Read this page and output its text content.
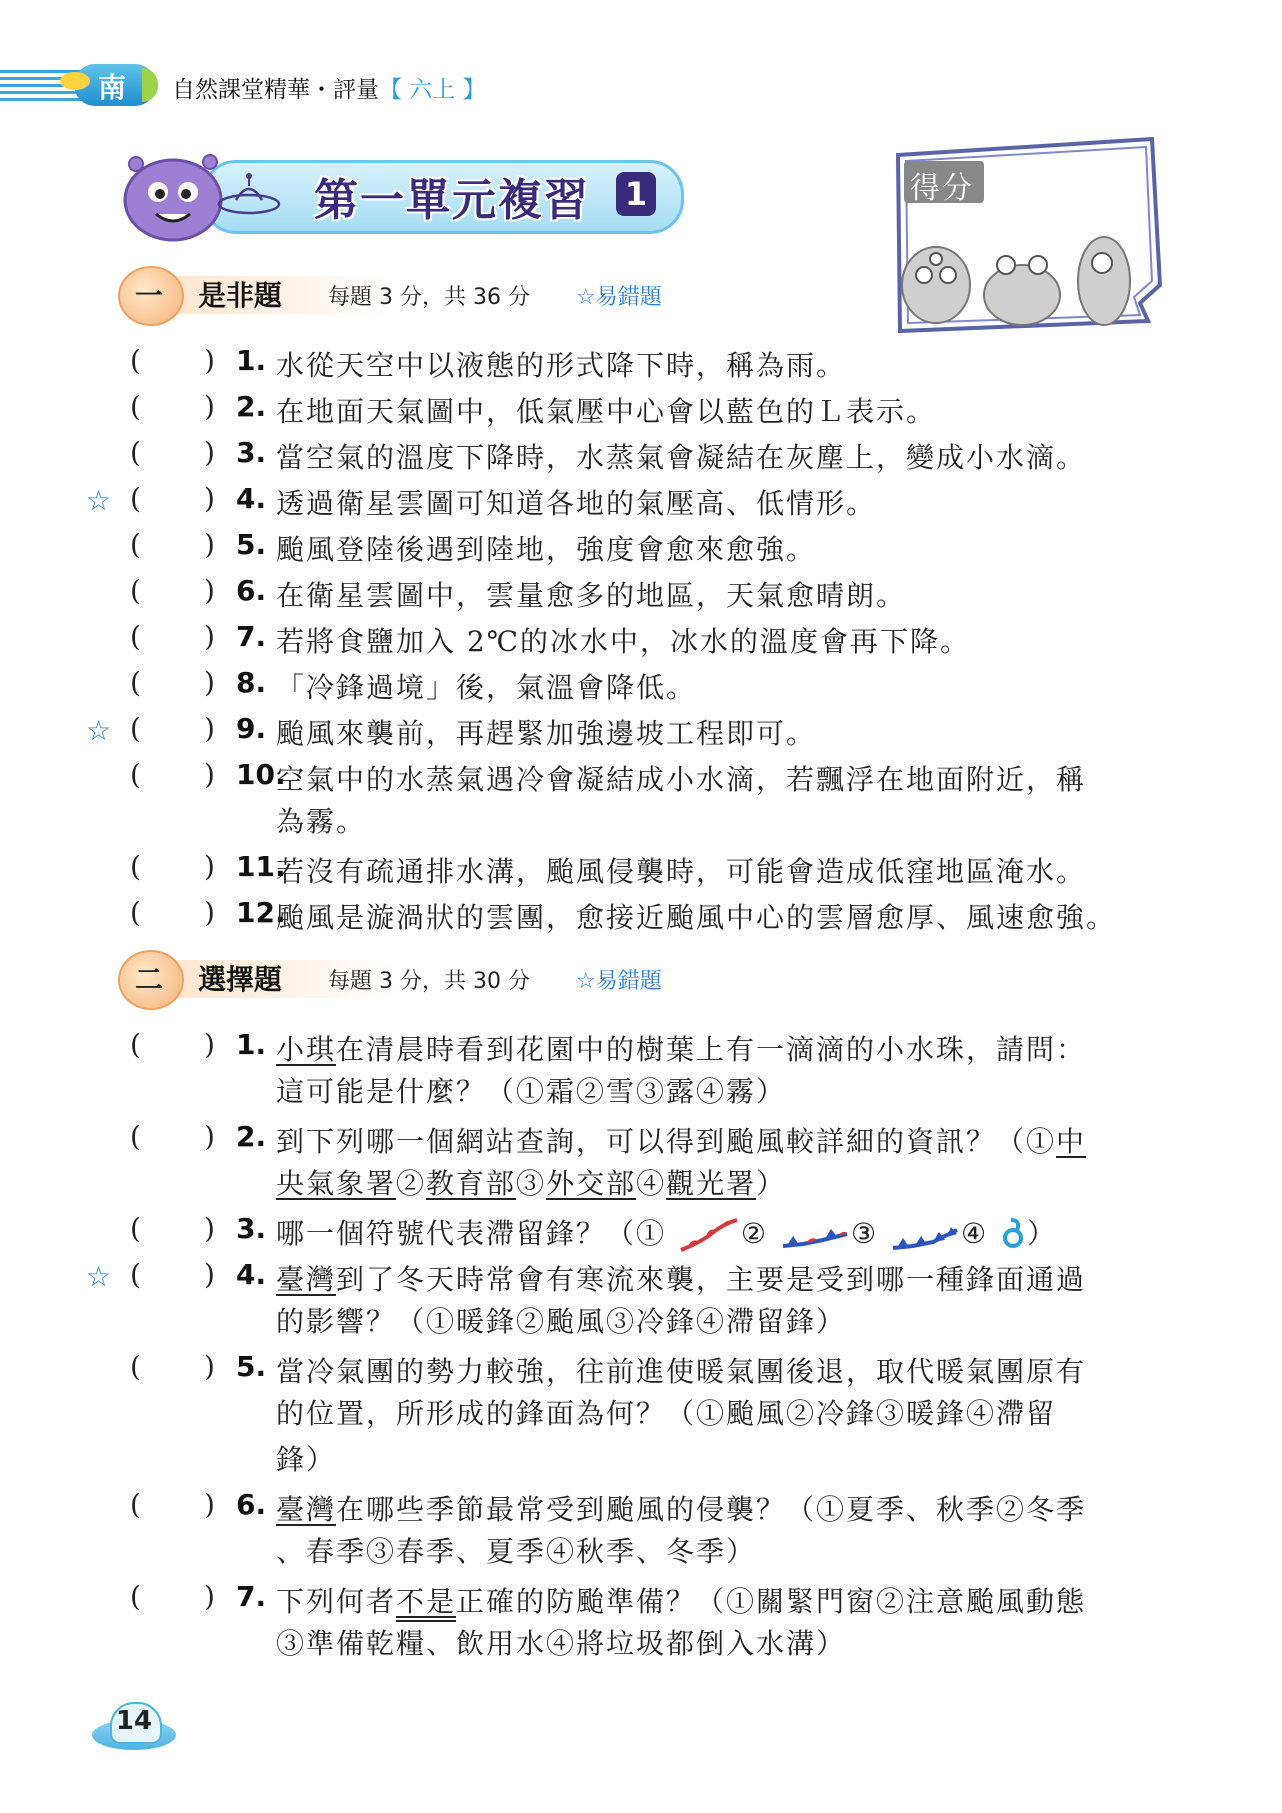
南 自然課堂精華・評量【 六上 】
第一單元複習 1	得分
一	是非題 每題 3 分，共 36 分 ☆易錯題
( ) 1. 水從天空中以液態的形式降下時，稱為雨。
( ) 2. 在地面天氣圖中，低氣壓中心會以藍色的Ｌ表示。
( ) 3. 當空氣的溫度下降時，水蒸氣會凝結在灰塵上，變成小水滴。
☆ ( ) 4. 透過衛星雲圖可知道各地的氣壓高、低情形。
( ) 5. 颱風登陸後遇到陸地，強度會愈來愈強。
( ) 6. 在衛星雲圖中，雲量愈多的地區，天氣愈晴朗。
( ) 7. 若將食鹽加入 2℃的冰水中，冰水的溫度會再下降。
( ) 8. 「冷鋒過境」後，氣溫會降低。
☆ ( ) 9. 颱風來襲前，再趕緊加強邊坡工程即可。
( ) 10.
空氣中的水蒸氣遇冷會凝結成小水滴，若飄浮在地面附近，稱
為霧。
( ) 11.
若沒有疏通排水溝，颱風侵襲時，可能會造成低窪地區淹水。
( ) 12.
颱風是漩渦狀的雲團，愈接近颱風中心的雲層愈厚、風速愈強。
二	選擇題 每題 3 分，共 30 分 ☆易錯題
( ) 1. 小琪在清晨時看到花園中的樹葉上有一滴滴的小水珠，請問：
這可能是什麼？（①霜②雪③露④霧）
( ) 2. 到下列哪一個網站查詢，可以得到颱風較詳細的資訊？（①中
央氣象署②教育部③外交部④觀光署）
( ) 3. 哪一個符號代表滯留鋒？（①	②	③	④ ）
☆ ( ) 4. 臺灣到了冬天時常會有寒流來襲，主要是受到哪一種鋒面通過
的影響？（①暖鋒②颱風③冷鋒④滯留鋒）
( ) 5. 當冷氣團的勢力較強，往前進使暖氣團後退，取代暖氣團原有
的位置，所形成的鋒面為何？（①颱風②冷鋒③暖鋒④滯留
鋒）
( ) 6. 臺灣在哪些季節最常受到颱風的侵襲？（①夏季、秋季②冬季
、春季③春季、夏季④秋季、冬季）
( ) 7. 下列何者不是正確的防颱準備？（①關緊門窗②注意颱風動態
③準備乾糧、飲用水④將垃圾都倒入水溝）
14
